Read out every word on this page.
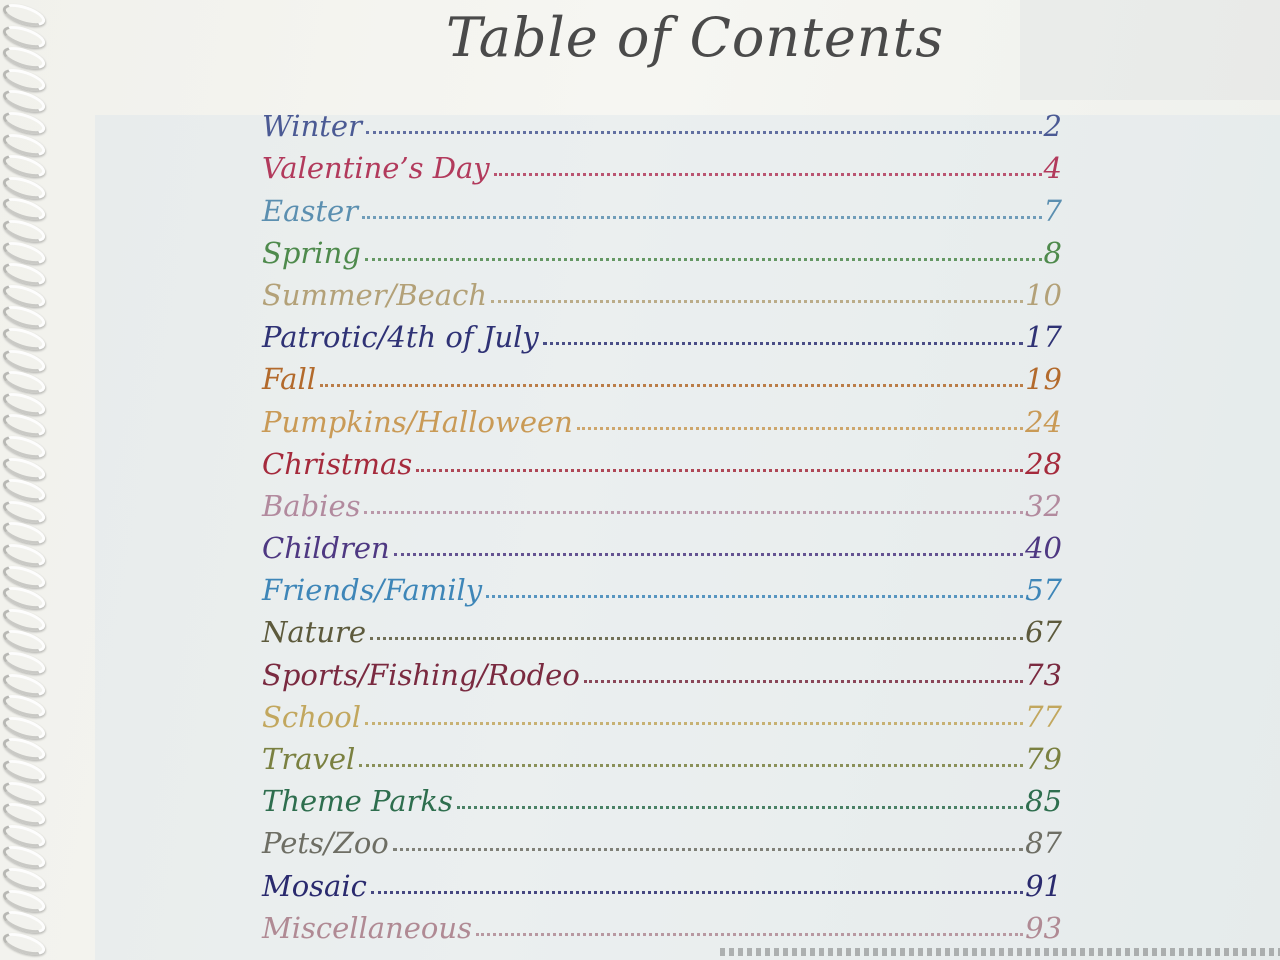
Table of Contents
Winter	2
Valentine’s Day	4
Easter	7
Spring	8
Summer/Beach	10
Patrotic/4th of July	17
Fall	19
Pumpkins/Halloween	24
Christmas	28
Babies	32
Children	40
Friends/Family	57
Nature	67
Sports/Fishing/Rodeo	73
School	77
Travel	79
Theme Parks	85
Pets/Zoo	87
Mosaic	91
Miscellaneous	93
